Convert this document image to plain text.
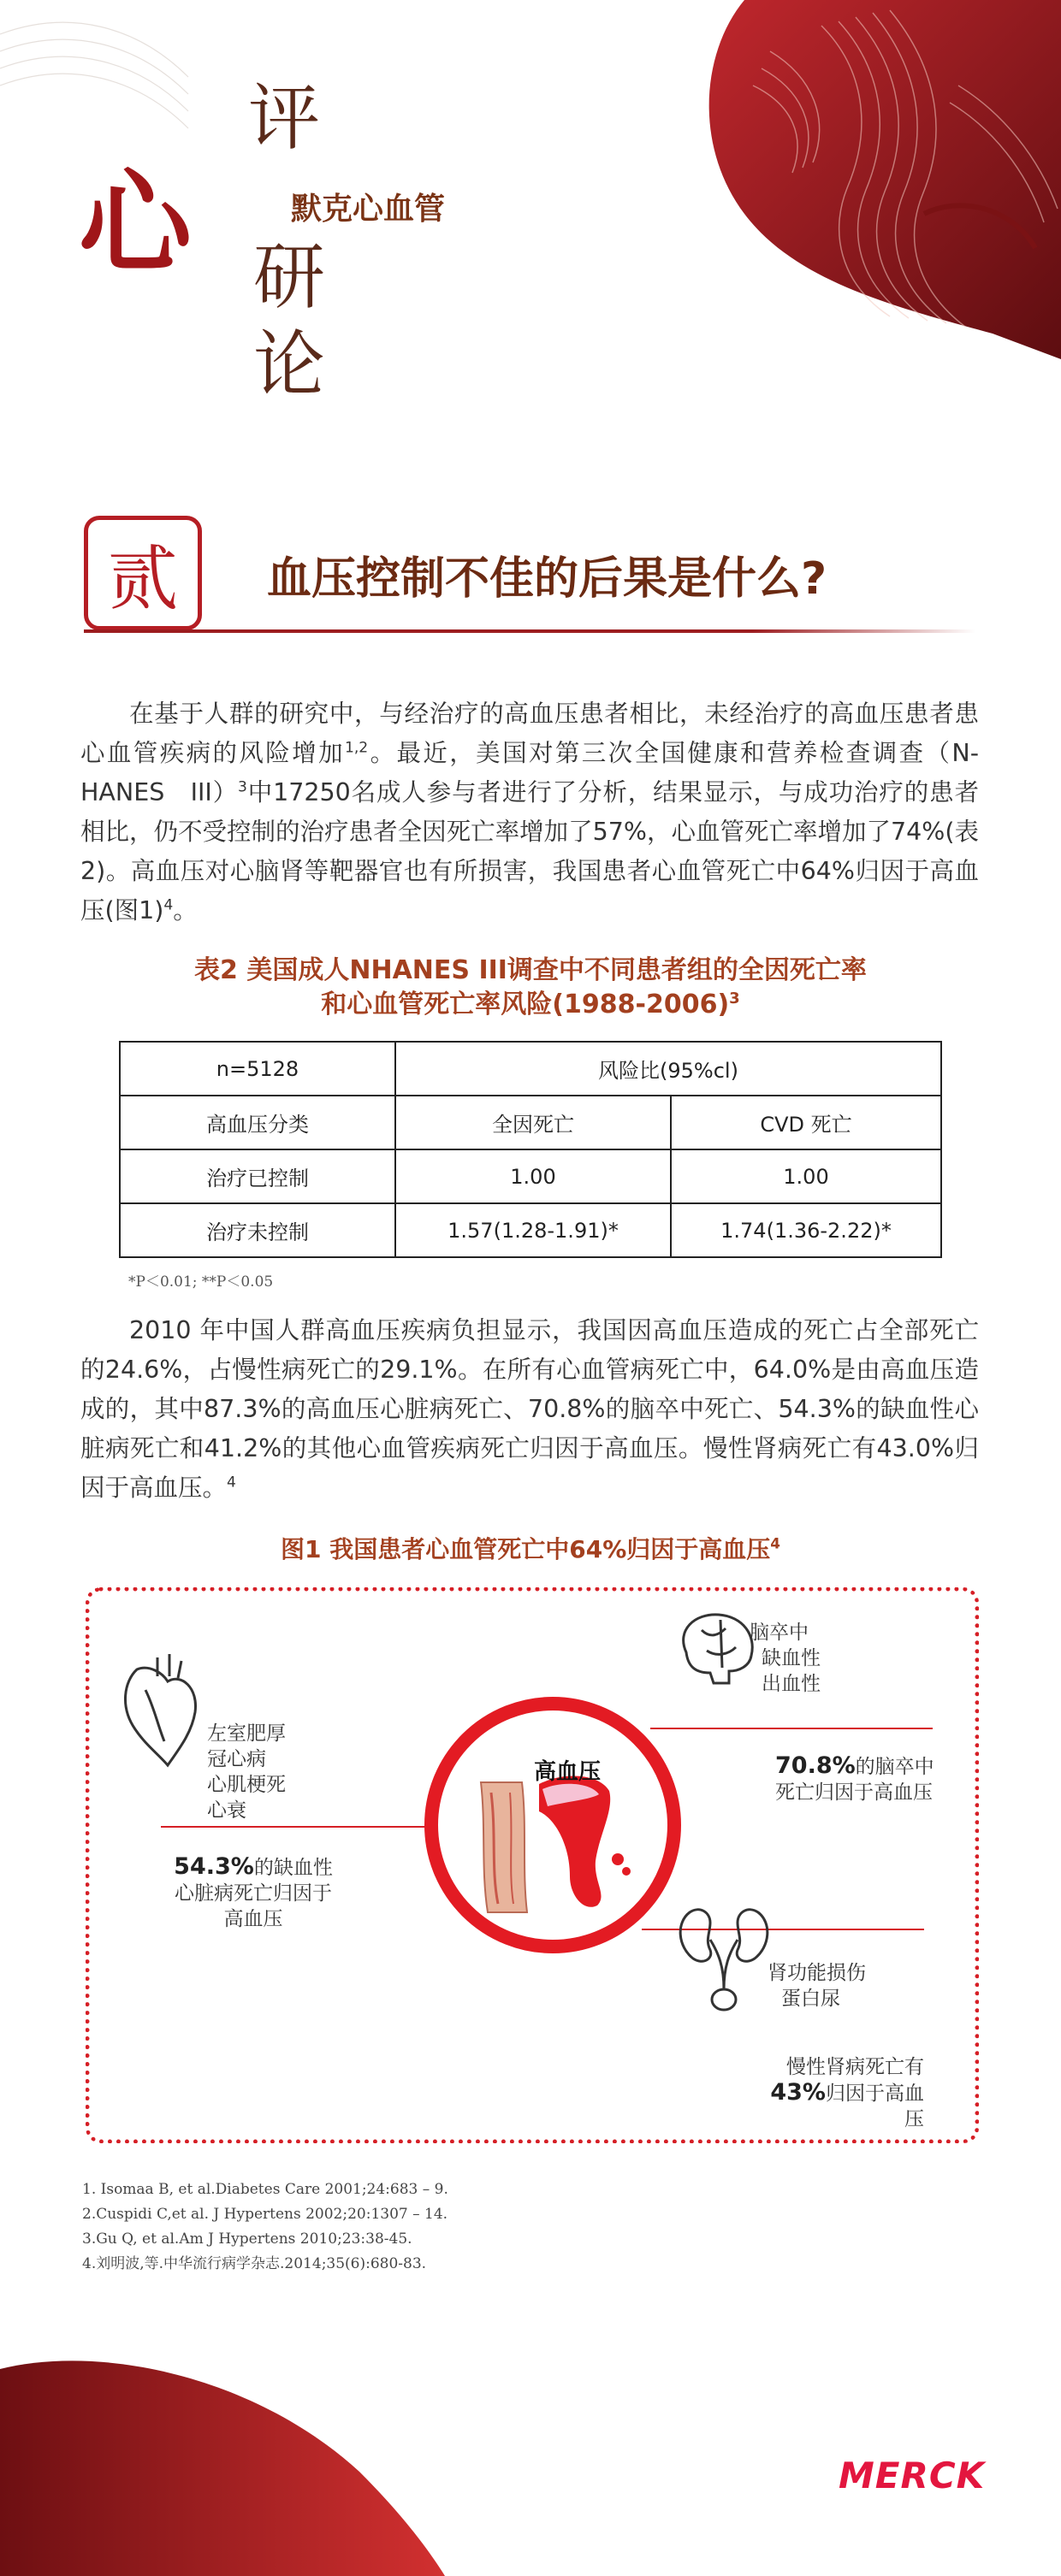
评
心 研
论
默克心血管
贰	血压控制不佳的后果是什么?

在基于人群的研究中，与经治疗的高血压患者相比，未经治疗的高血压患者患心血管疾病的风险增加$^{1,2}$。最近，美国对第三次全国健康和营养检查调查（N-HANES　III）$^3$中17250名成人参与者进行了分析，结果显示，与成功治疗的患者相比，仍不受控制的治疗患者全因死亡率增加了57%，心血管死亡率增加了74%(表2)。高血压对心脑肾等靶器官也有所损害，我国患者心血管死亡中64%归因于高血压(图1)$^4$。

表2 美国成人NHANES III调查中不同患者组的全因死亡率
和心血管死亡率风险(1988-2006)$^3$
n=5128	风险比(95%cl)	
高血压分类	全因死亡	CVD 死亡
治疗已控制	1.00	1.00
治疗未控制	1.57(1.28-1.91)*	1.74(1.36-2.22)*
*P＜0.01; **P＜0.05

2010 年中国人群高血压疾病负担显示，我国因高血压造成的死亡占全部死亡的24.6%，占慢性病死亡的29.1%。在所有心血管病死亡中，64.0%是由高血压造成的，其中87.3%的高血压心脏病死亡、70.8%的脑卒中死亡、54.3%的缺血性心脏病死亡和41.2%的其他心血管疾病死亡归因于高血压。慢性肾病死亡有43.0%归因于高血压。$^4$

图1 我国患者心血管死亡中64%归因于高血压$^4$
高血压
左室肥厚
冠心病
心肌梗死
心衰
54.3%的缺血性
心脏病死亡归因于
高血压
脑卒中
缺血性
出血性
70.8%的脑卒中
死亡归因于高血压
肾功能损伤
蛋白尿
慢性肾病死亡有
43%归因于高血压
1. Isomaa B, et al.Diabetes Care 2001;24:683 – 9.
2.Cuspidi C,et al. J Hypertens 2002;20:1307 – 14.
3.Gu Q, et al.Am J Hypertens 2010;23:38-45.
4.刘明波,等.中华流行病学杂志.2014;35(6):680-83.
MERCK
